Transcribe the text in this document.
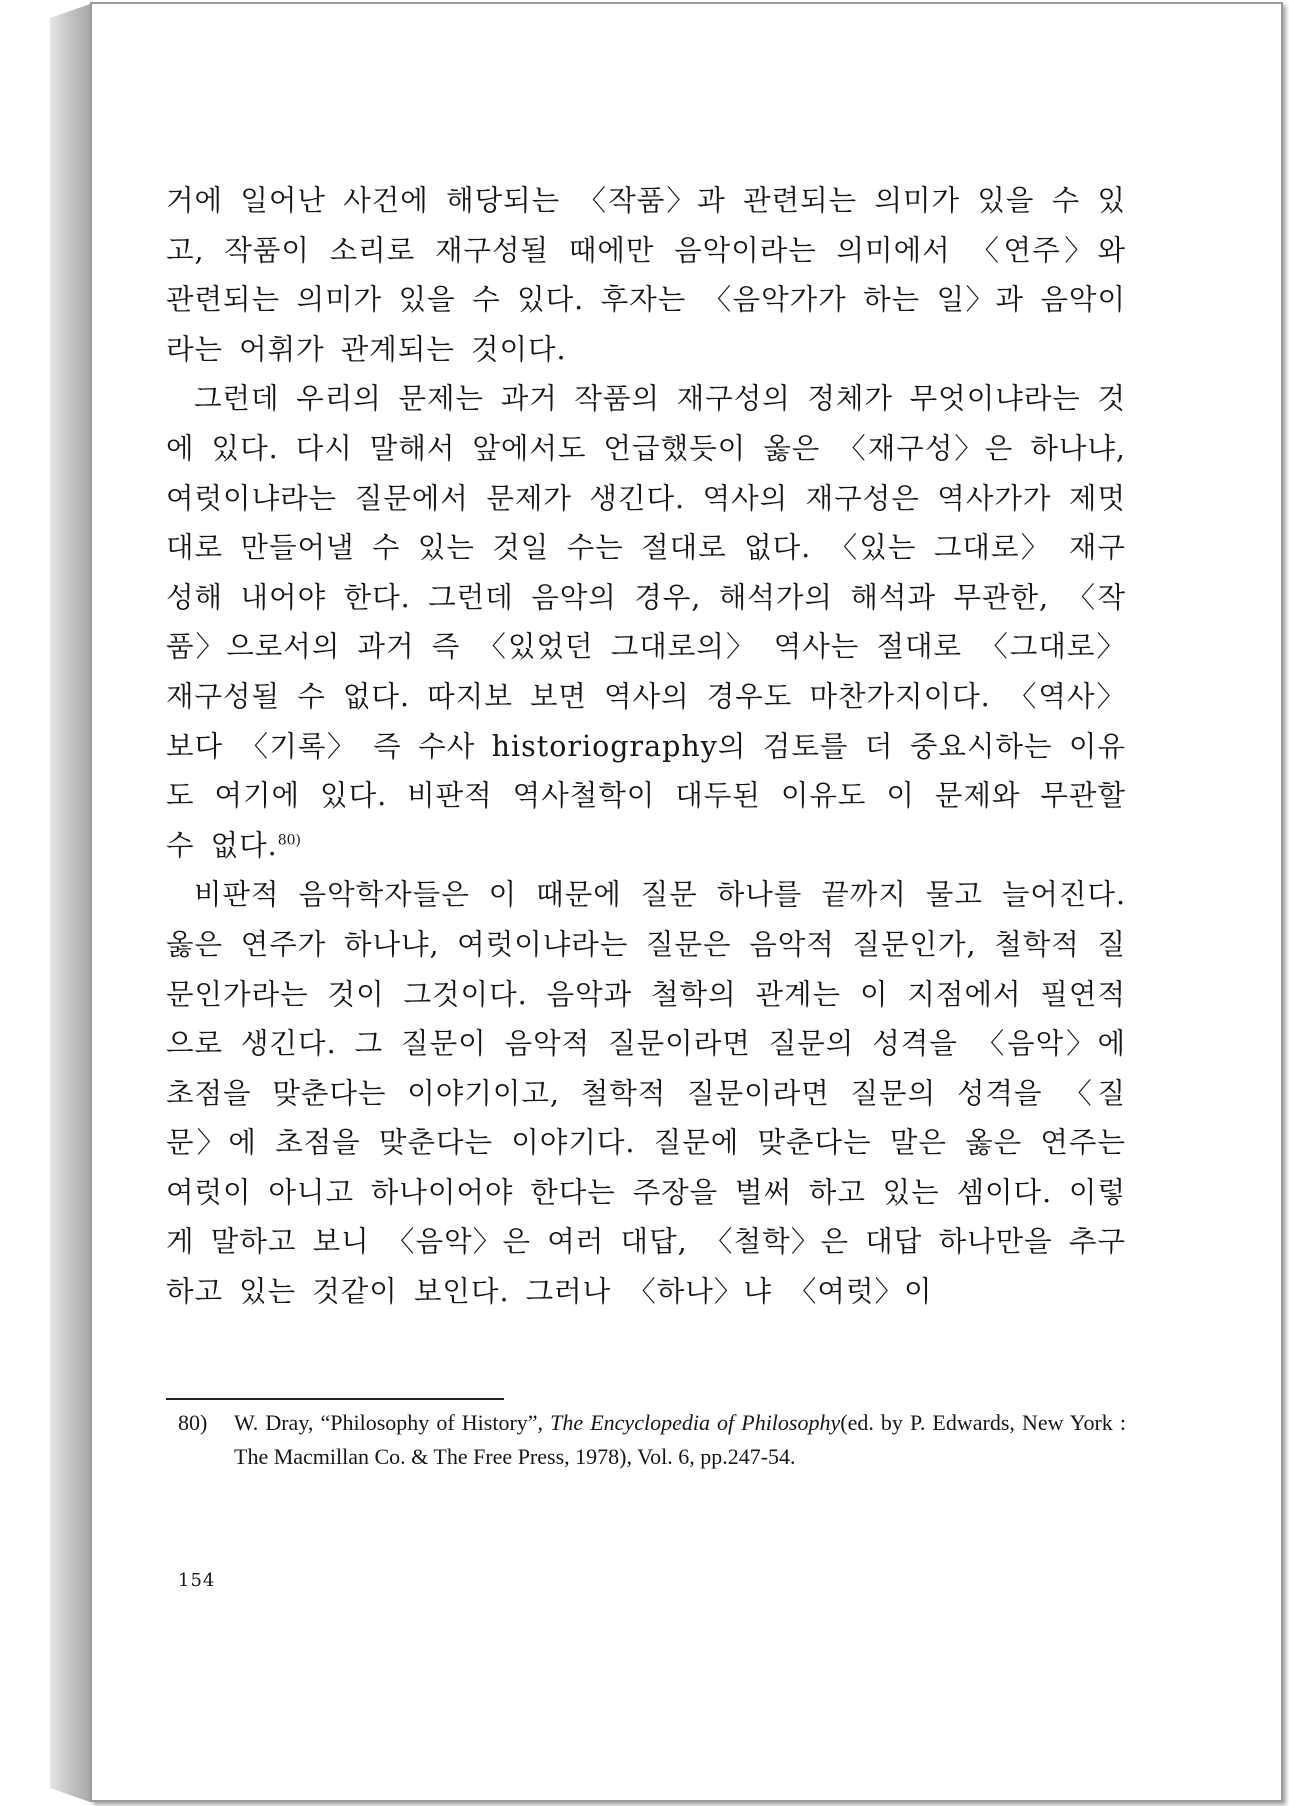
거에 일어난 사건에 해당되는 〈작품〉과 관련되는 의미가 있을 수 있고, 작품이 소리로 재구성될 때에만 음악이라는 의미에서 〈연주〉와 관련되는 의미가 있을 수 있다. 후자는 〈음악가가 하는 일〉과 음악이라는 어휘가 관계되는 것이다.

그런데 우리의 문제는 과거 작품의 재구성의 정체가 무엇이냐라는 것에 있다. 다시 말해서 앞에서도 언급했듯이 옳은 〈재구성〉은 하나냐, 여럿이냐라는 질문에서 문제가 생긴다. 역사의 재구성은 역사가가 제멋대로 만들어낼 수 있는 것일 수는 절대로 없다. 〈있는 그대로〉 재구성해 내어야 한다. 그런데 음악의 경우, 해석가의 해석과 무관한, 〈작품〉으로서의 과거 즉 〈있었던 그대로의〉 역사는 절대로 〈그대로〉 재구성될 수 없다. 따지보 보면 역사의 경우도 마찬가지이다. 〈역사〉보다 〈기록〉 즉 수사 historiography의 검토를 더 중요시하는 이유도 여기에 있다. 비판적 역사철학이 대두된 이유도 이 문제와 무관할 수 없다.$^{80)}$

비판적 음악학자들은 이 때문에 질문 하나를 끝까지 물고 늘어진다. 옳은 연주가 하나냐, 여럿이냐라는 질문은 음악적 질문인가, 철학적 질문인가라는 것이 그것이다. 음악과 철학의 관계는 이 지점에서 필연적으로 생긴다. 그 질문이 음악적 질문이라면 질문의 성격을 〈음악〉에 초점을 맞춘다는 이야기이고, 철학적 질문이라면 질문의 성격을 〈질문〉에 초점을 맞춘다는 이야기다. 질문에 맞춘다는 말은 옳은 연주는 여럿이 아니고 하나이어야 한다는 주장을 벌써 하고 있는 셈이다. 이렇게 말하고 보니 〈음악〉은 여러 대답, 〈철학〉은 대답 하나만을 추구하고 있는 것같이 보인다. 그러나 〈하나〉냐 〈여럿〉이

80) W. Dray, “Philosophy of History”, The Encyclopedia of Philosophy(ed. by P. Edwards, New York : The Macmillan Co. & The Free Press, 1978), Vol. 6, pp.247-54.
154
